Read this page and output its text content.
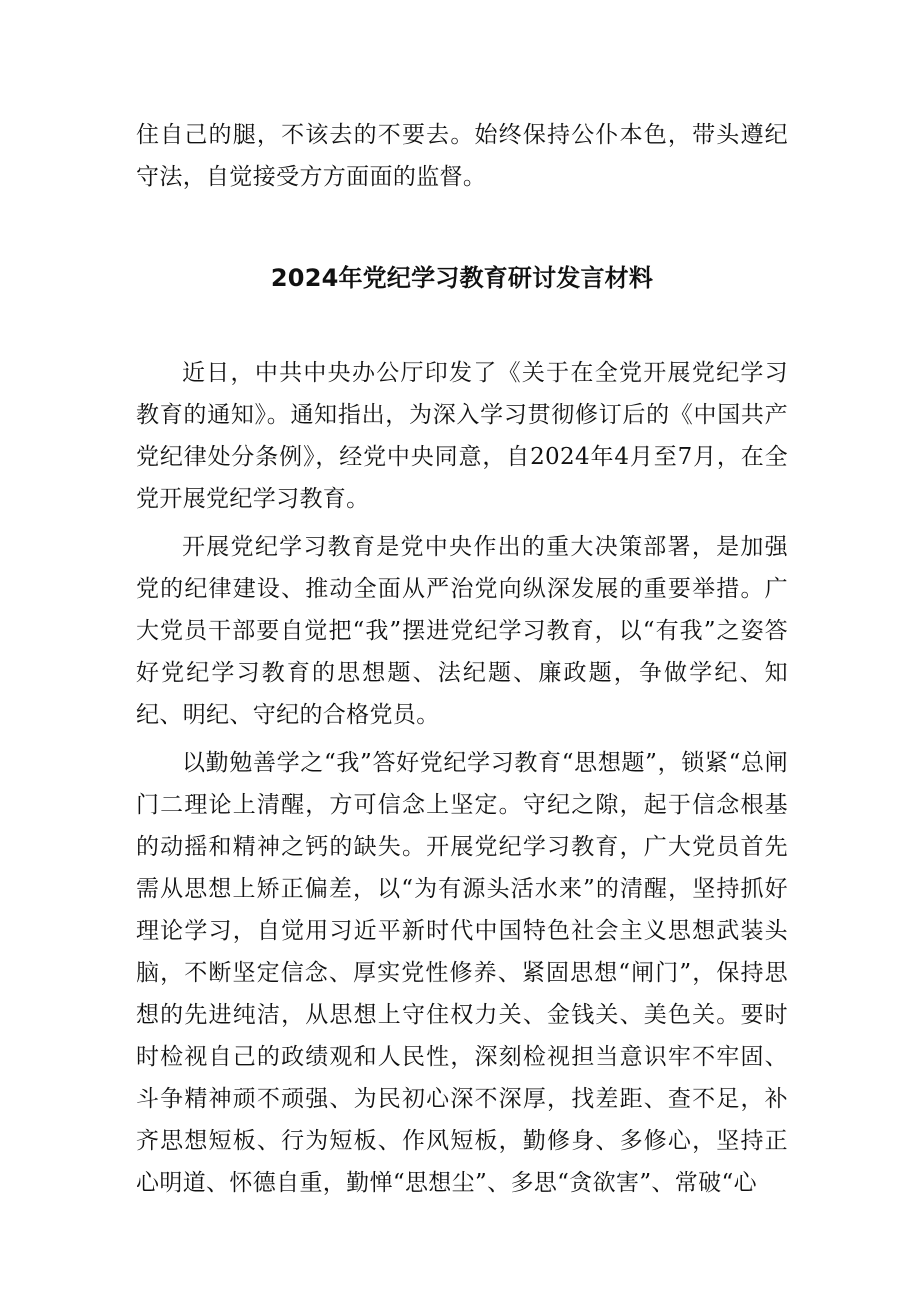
住自己的腿，不该去的不要去。始终保持公仆本色，带头遵纪守法，自觉接受方方面面的监督。

2024年党纪学习教育研讨发言材料

近日，中共中央办公厅印发了《关于在全党开展党纪学习教育的通知》。通知指出，为深入学习贯彻修订后的《中国共产党纪律处分条例》，经党中央同意，自2024年4月至7月，在全党开展党纪学习教育。

开展党纪学习教育是党中央作出的重大决策部署，是加强党的纪律建设、推动全面从严治党向纵深发展的重要举措。广大党员干部要自觉把“我”摆进党纪学习教育，以“有我”之姿答好党纪学习教育的思想题、法纪题、廉政题，争做学纪、知纪、明纪、守纪的合格党员。

以勤勉善学之“我”答好党纪学习教育“思想题”，锁紧“总闸门二理论上清醒，方可信念上坚定。守纪之隙，起于信念根基的动摇和精神之钙的缺失。开展党纪学习教育，广大党员首先需从思想上矫正偏差，以“为有源头活水来”的清醒，坚持抓好理论学习，自觉用习近平新时代中国特色社会主义思想武装头脑，不断坚定信念、厚实党性修养、紧固思想“闸门”，保持思想的先进纯洁，从思想上守住权力关、金钱关、美色关。要时时检视自己的政绩观和人民性，深刻检视担当意识牢不牢固、斗争精神顽不顽强、为民初心深不深厚，找差距、查不足，补齐思想短板、行为短板、作风短板，勤修身、多修心，坚持正心明道、怀德自重，勤惮“思想尘”、多思“贪欲害”、常破“心
